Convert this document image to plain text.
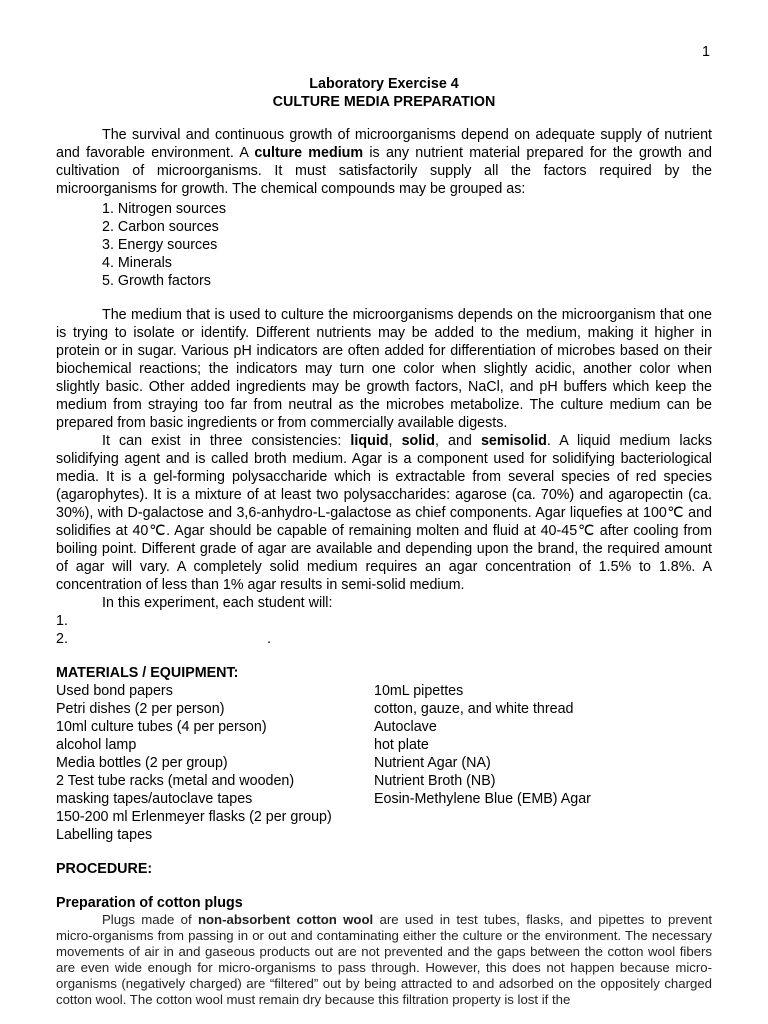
1
Laboratory Exercise 4
CULTURE MEDIA PREPARATION

The survival and continuous growth of microorganisms depend on adequate supply of nutrient and favorable environment. A culture medium is any nutrient material prepared for the growth and cultivation of microorganisms. It must satisfactorily supply all the factors required by the microorganisms for growth. The chemical compounds may be grouped as:

1. Nitrogen sources
2. Carbon sources
3. Energy sources
4. Minerals
5. Growth factors

The medium that is used to culture the microorganisms depends on the microorganism that one is trying to isolate or identify. Different nutrients may be added to the medium, making it higher in protein or in sugar. Various pH indicators are often added for differentiation of microbes based on their biochemical reactions; the indicators may turn one color when slightly acidic, another color when slightly basic. Other added ingredients may be growth factors, NaCl, and pH buffers which keep the medium from straying too far from neutral as the microbes metabolize. The culture medium can be prepared from basic ingredients or from commercially available digests.

It can exist in three consistencies: liquid, solid, and semisolid. A liquid medium lacks solidifying agent and is called broth medium. Agar is a component used for solidifying bacteriological media. It is a gel-forming polysaccharide which is extractable from several species of red species (agarophytes). It is a mixture of at least two polysaccharides: agarose (ca. 70%) and agaropectin (ca. 30%), with D-galactose and 3,6-anhydro-L-galactose as chief components. Agar liquefies at 100℃ and solidifies at 40℃. Agar should be capable of remaining molten and fluid at 40-45℃ after cooling from boiling point. Different grade of agar are available and depending upon the brand, the required amount of agar will vary. A completely solid medium requires an agar concentration of 1.5% to 1.8%. A concentration of less than 1% agar results in semi-solid medium.

In this experiment, each student will:

1.

2.	.

MATERIALS / EQUIPMENT:

Used bond papers
Petri dishes (2 per person)
10ml culture tubes (4 per person)
alcohol lamp
Media bottles (2 per group)
2 Test tube racks (metal and wooden)
masking tapes/autoclave tapes
150-200 ml Erlenmeyer flasks (2 per group)
Labelling tapes
10mL pipettes
cotton, gauze, and white thread
Autoclave
hot plate
Nutrient Agar (NA)
Nutrient Broth (NB)
Eosin-Methylene Blue (EMB) Agar

PROCEDURE:

Preparation of cotton plugs

Plugs made of non-absorbent cotton wool are used in test tubes, flasks, and pipettes to prevent micro-organisms from passing in or out and contaminating either the culture or the environment. The necessary movements of air in and gaseous products out are not prevented and the gaps between the cotton wool fibers are even wide enough for micro-organisms to pass through. However, this does not happen because micro-organisms (negatively charged) are “filtered” out by being attracted to and adsorbed on the oppositely charged cotton wool. The cotton wool must remain dry because this filtration property is lost if the
